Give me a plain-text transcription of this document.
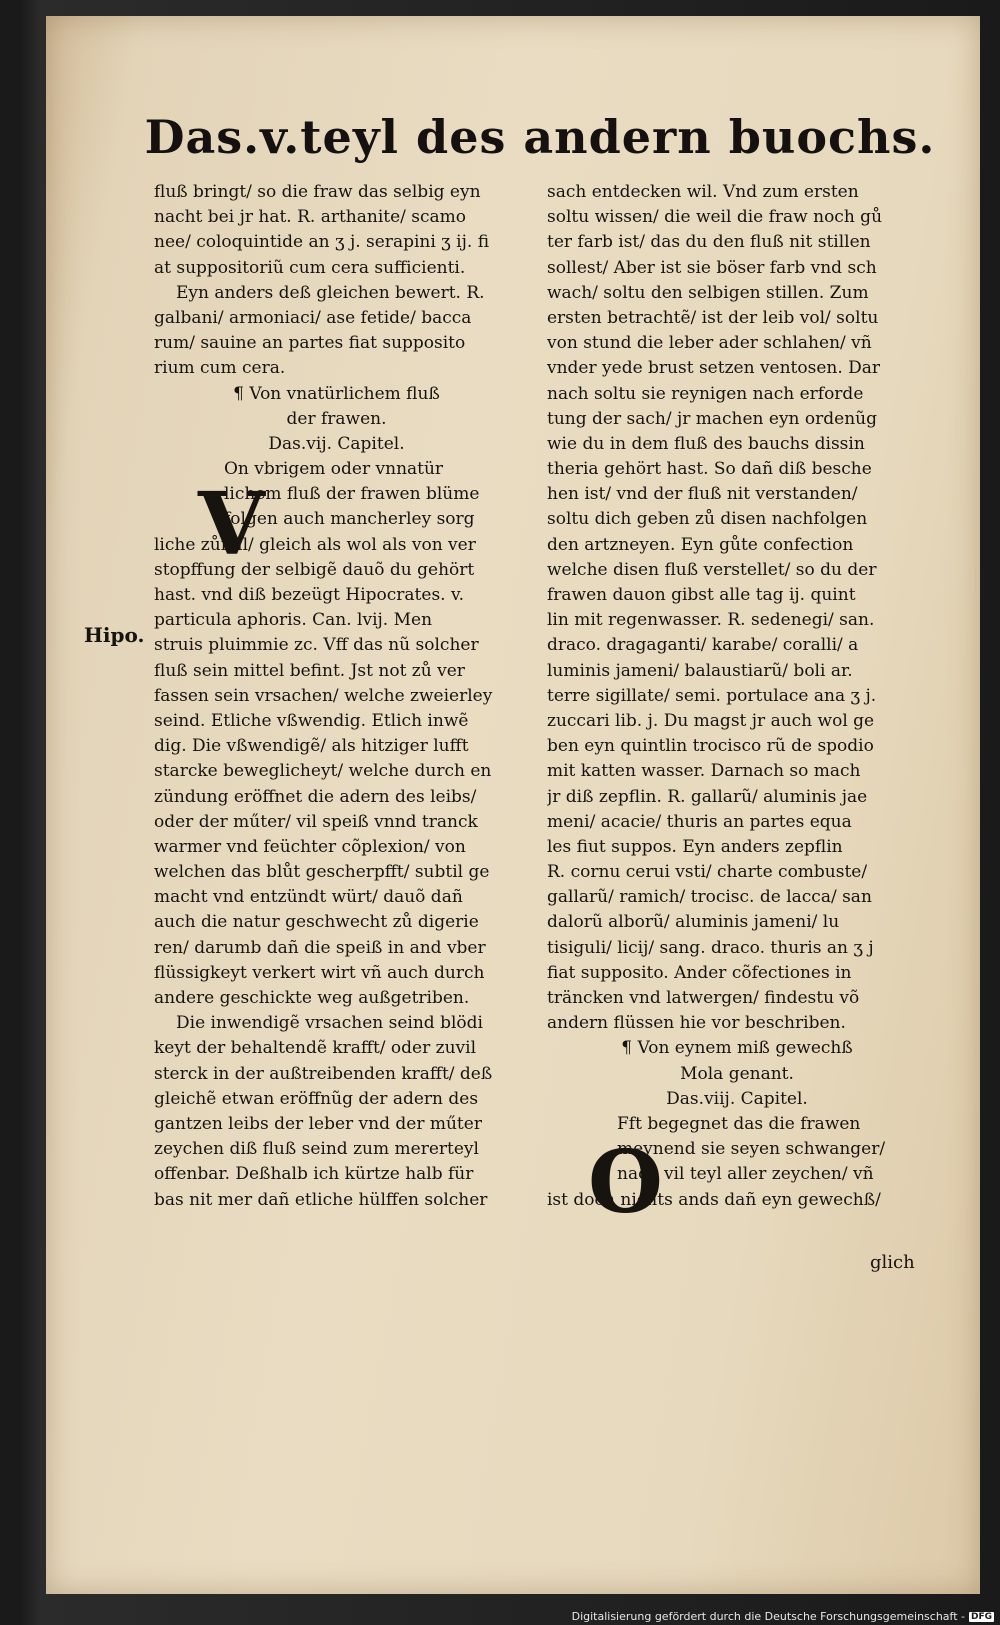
Das.v.teyl des andern buochs.
Hipo.
fluß bringt/ so die fraw das selbig eyn
nacht bei jr hat. R. arthanite/ scamo
nee/ coloquintide an ʒ j. serapini ʒ ij. fi
at suppositoriũ cum cera sufficienti.
Eyn anders deß gleichen bewert. R.
galbani/ armoniaci/ ase fetide/ bacca
rum/ sauine an partes fiat supposito
rium cum cera.
¶ Von vnatürlichem fluß
der frawen.
Das.vij. Capitel.
On vbrigem oder vnnatür
lichem fluß der frawen blüme
folgen auch mancherley sorg
liche zůfäll/ gleich als wol als von ver
stopffung der selbigẽ dauõ du gehört
hast. vnd diß bezeügt Hipocrates. v.
particula aphoris. Can. lvij. Men
struis pluimmie zc. Vff das nũ solcher
fluß sein mittel befint. Jst not zů ver
fassen sein vrsachen/ welche zweierley
seind. Etliche vßwendig. Etlich inwẽ
dig. Die vßwendigẽ/ als hitziger lufft
starcke beweglicheyt/ welche durch en
zündung eröffnet die adern des leibs/
oder der műter/ vil speiß vnnd tranck
warmer vnd feüchter cõplexion/ von
welchen das blůt gescherpfft/ subtil ge
macht vnd entzündt würt/ dauõ dañ
auch die natur geschwecht zů digerie
ren/ darumb dañ die speiß in and vber
flüssigkeyt verkert wirt vñ auch durch
andere geschickte weg außgetriben.
Die inwendigẽ vrsachen seind blödi
keyt der behaltendẽ krafft/ oder zuvil
sterck in der außtreibenden krafft/ deß
gleichẽ etwan eröffnũg der adern des
gantzen leibs der leber vnd der műter
zeychen diß fluß seind zum mererteyl
offenbar. Deßhalb ich kürtze halb für
bas nit mer dañ etliche hülffen solcher
sach entdecken wil. Vnd zum ersten
soltu wissen/ die weil die fraw noch gů
ter farb ist/ das du den fluß nit stillen
sollest/ Aber ist sie böser farb vnd sch
wach/ soltu den selbigen stillen. Zum
ersten betrachtẽ/ ist der leib vol/ soltu
von stund die leber ader schlahen/ vñ
vnder yede brust setzen ventosen. Dar
nach soltu sie reynigen nach erforde
tung der sach/ jr machen eyn ordenũg
wie du in dem fluß des bauchs dissin
theria gehört hast. So dañ diß besche
hen ist/ vnd der fluß nit verstanden/
soltu dich geben zů disen nachfolgen
den artzneyen. Eyn gůte confection
welche disen fluß verstellet/ so du der
frawen dauon gibst alle tag ij. quint
lin mit regenwasser. R. sedenegi/ san.
draco. dragaganti/ karabe/ coralli/ a
luminis jameni/ balaustiarũ/ boli ar.
terre sigillate/ semi. portulace ana ʒ j.
zuccari lib. j. Du magst jr auch wol ge
ben eyn quintlin trocisco rũ de spodio
mit katten wasser. Darnach so mach
jr diß zepflin. R. gallarũ/ aluminis jae
meni/ acacie/ thuris an partes equa
les fiut suppos. Eyn anders zepflin
R. cornu cerui vsti/ charte combuste/
gallarũ/ ramich/ trocisc. de lacca/ san
dalorũ alborũ/ aluminis jameni/ lu
tisiguli/ licij/ sang. draco. thuris an ʒ j
fiat supposito. Ander cõfectiones in
träncken vnd latwergen/ findestu võ
andern flüssen hie vor beschriben.
¶ Von eynem miß gewechß
Mola genant.
Das.viij. Capitel.
Fft begegnet das die frawen
meynend sie seyen schwanger/
nach vil teyl aller zeychen/ vñ
ist doch nichts ands dañ eyn gewechß/
V
O
glich
Digitalisierung gefördert durch die Deutsche Forschungsgemeinschaft - DFG
